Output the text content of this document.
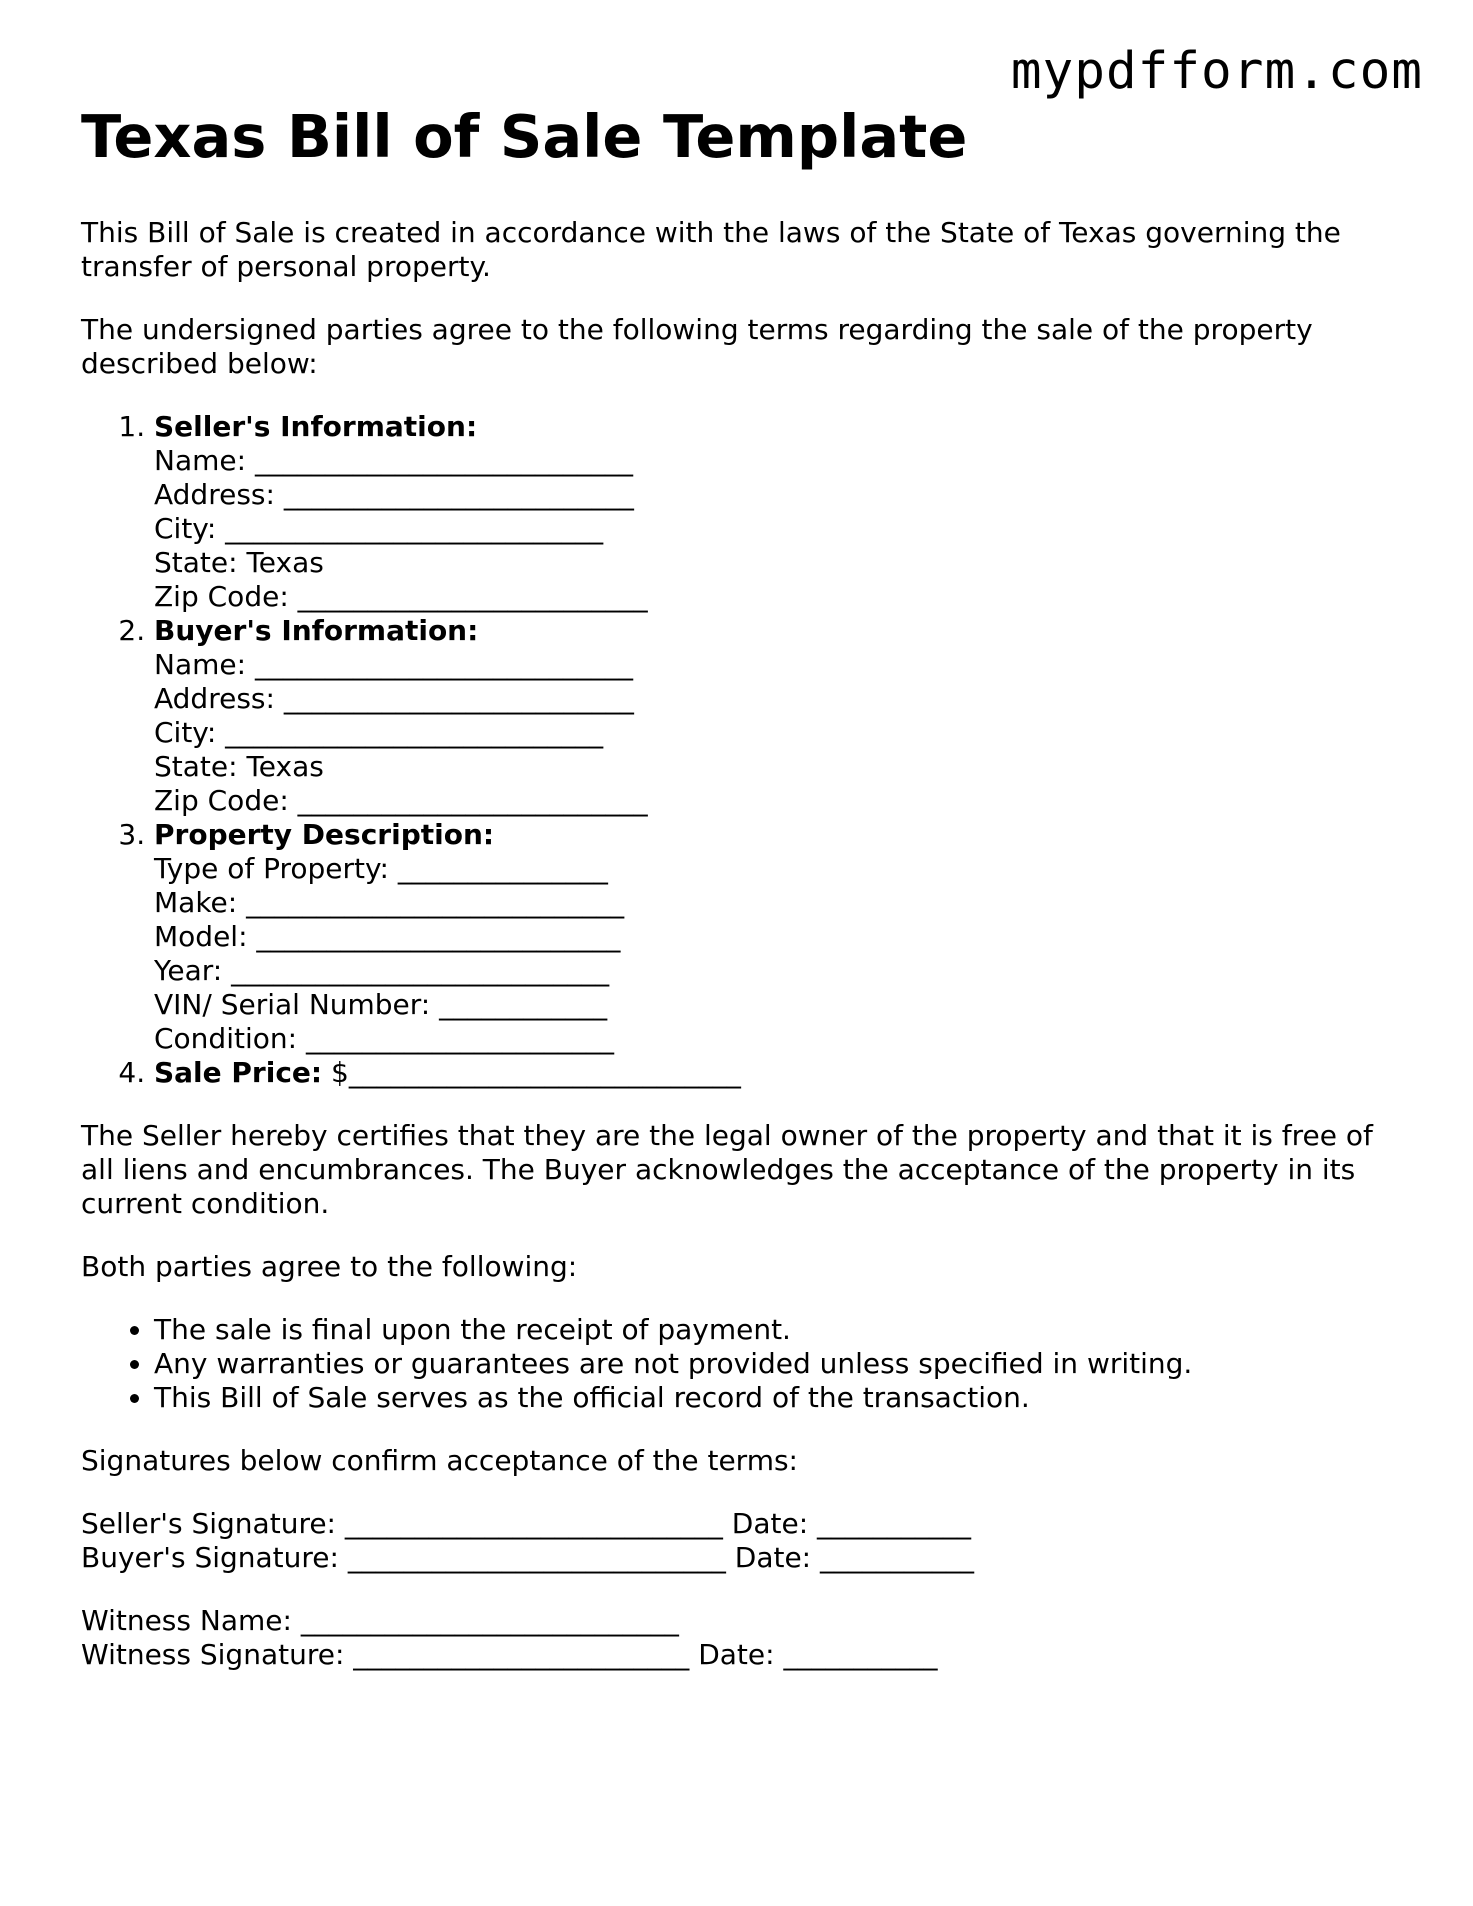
mypdfform.com
Texas Bill of Sale Template

This Bill of Sale is created in accordance with the laws of the State of Texas governing the transfer of personal property.

The undersigned parties agree to the following terms regarding the sale of the property described below:

1. Seller's Information:
Name: ___________________________
Address: _________________________
City: ___________________________
State: Texas
Zip Code: _________________________
2. Buyer's Information:
Name: ___________________________
Address: _________________________
City: ___________________________
State: Texas
Zip Code: _________________________
3. Property Description:
Type of Property: _______________
Make: ___________________________
Model: __________________________
Year: ___________________________
VIN/ Serial Number: ____________
Condition: ______________________
4. Sale Price: $____________________________

The Seller hereby certifies that they are the legal owner of the property and that it is free of all liens and encumbrances. The Buyer acknowledges the acceptance of the property in its current condition.

Both parties agree to the following:

• The sale is final upon the receipt of payment.
• Any warranties or guarantees are not provided unless specified in writing.
• This Bill of Sale serves as the official record of the transaction.

Signatures below confirm acceptance of the terms:

Seller's Signature: ___________________________ Date: ___________
Buyer's Signature: ___________________________ Date: ___________
Witness Name: ___________________________
Witness Signature: ________________________ Date: ___________
